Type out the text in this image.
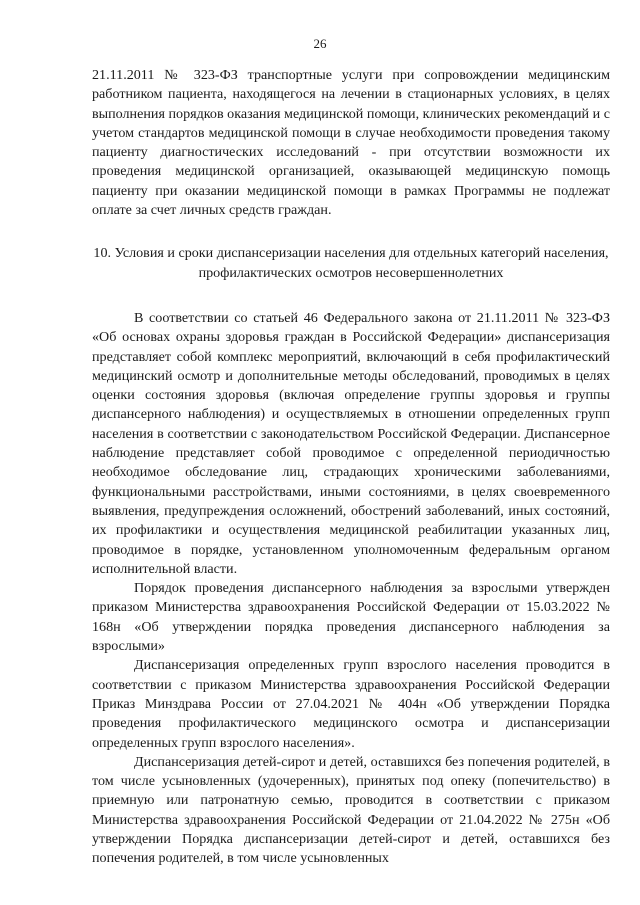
26

21.11.2011 № 323-ФЗ транспортные услуги при сопровождении медицинским работником пациента, находящегося на лечении в стационарных условиях, в целях выполнения порядков оказания медицинской помощи, клинических рекомендаций и с учетом стандартов медицинской помощи в случае необходимости проведения такому пациенту диагностических исследований - при отсутствии возможности их проведения медицинской организацией, оказывающей медицинскую помощь пациенту при оказании медицинской помощи в рамках Программы не подлежат оплате за счет личных средств граждан.

10. Условия и сроки диспансеризации населения для отдельных категорий населения, профилактических осмотров несовершеннолетних

В соответствии со статьей 46 Федерального закона от 21.11.2011 № 323-ФЗ «Об основах охраны здоровья граждан в Российской Федерации» диспансеризация представляет собой комплекс мероприятий, включающий в себя профилактический медицинский осмотр и дополнительные методы обследований, проводимых в целях оценки состояния здоровья (включая определение группы здоровья и группы диспансерного наблюдения) и осуществляемых в отношении определенных групп населения в соответствии с законодательством Российской Федерации. Диспансерное наблюдение представляет собой проводимое с определенной периодичностью необходимое обследование лиц, страдающих хроническими заболеваниями, функциональными расстройствами, иными состояниями, в целях своевременного выявления, предупреждения осложнений, обострений заболеваний, иных состояний, их профилактики и осуществления медицинской реабилитации указанных лиц, проводимое в порядке, установленном уполномоченным федеральным органом исполнительной власти.

Порядок проведения диспансерного наблюдения за взрослыми утвержден приказом Министерства здравоохранения Российской Федерации от 15.03.2022 № 168н «Об утверждении порядка проведения диспансерного наблюдения за взрослыми»

Диспансеризация определенных групп взрослого населения проводится в соответствии с приказом Министерства здравоохранения Российской Федерации Приказ Минздрава России от 27.04.2021 № 404н «Об утверждении Порядка проведения профилактического медицинского осмотра и диспансеризации определенных групп взрослого населения».

Диспансеризация детей-сирот и детей, оставшихся без попечения родителей, в том числе усыновленных (удочеренных), принятых под опеку (попечительство) в приемную или патронатную семью, проводится в соответствии с приказом Министерства здравоохранения Российской Федерации от 21.04.2022 № 275н «Об утверждении Порядка диспансеризации детей-сирот и детей, оставшихся без попечения родителей, в том числе усыновленных
